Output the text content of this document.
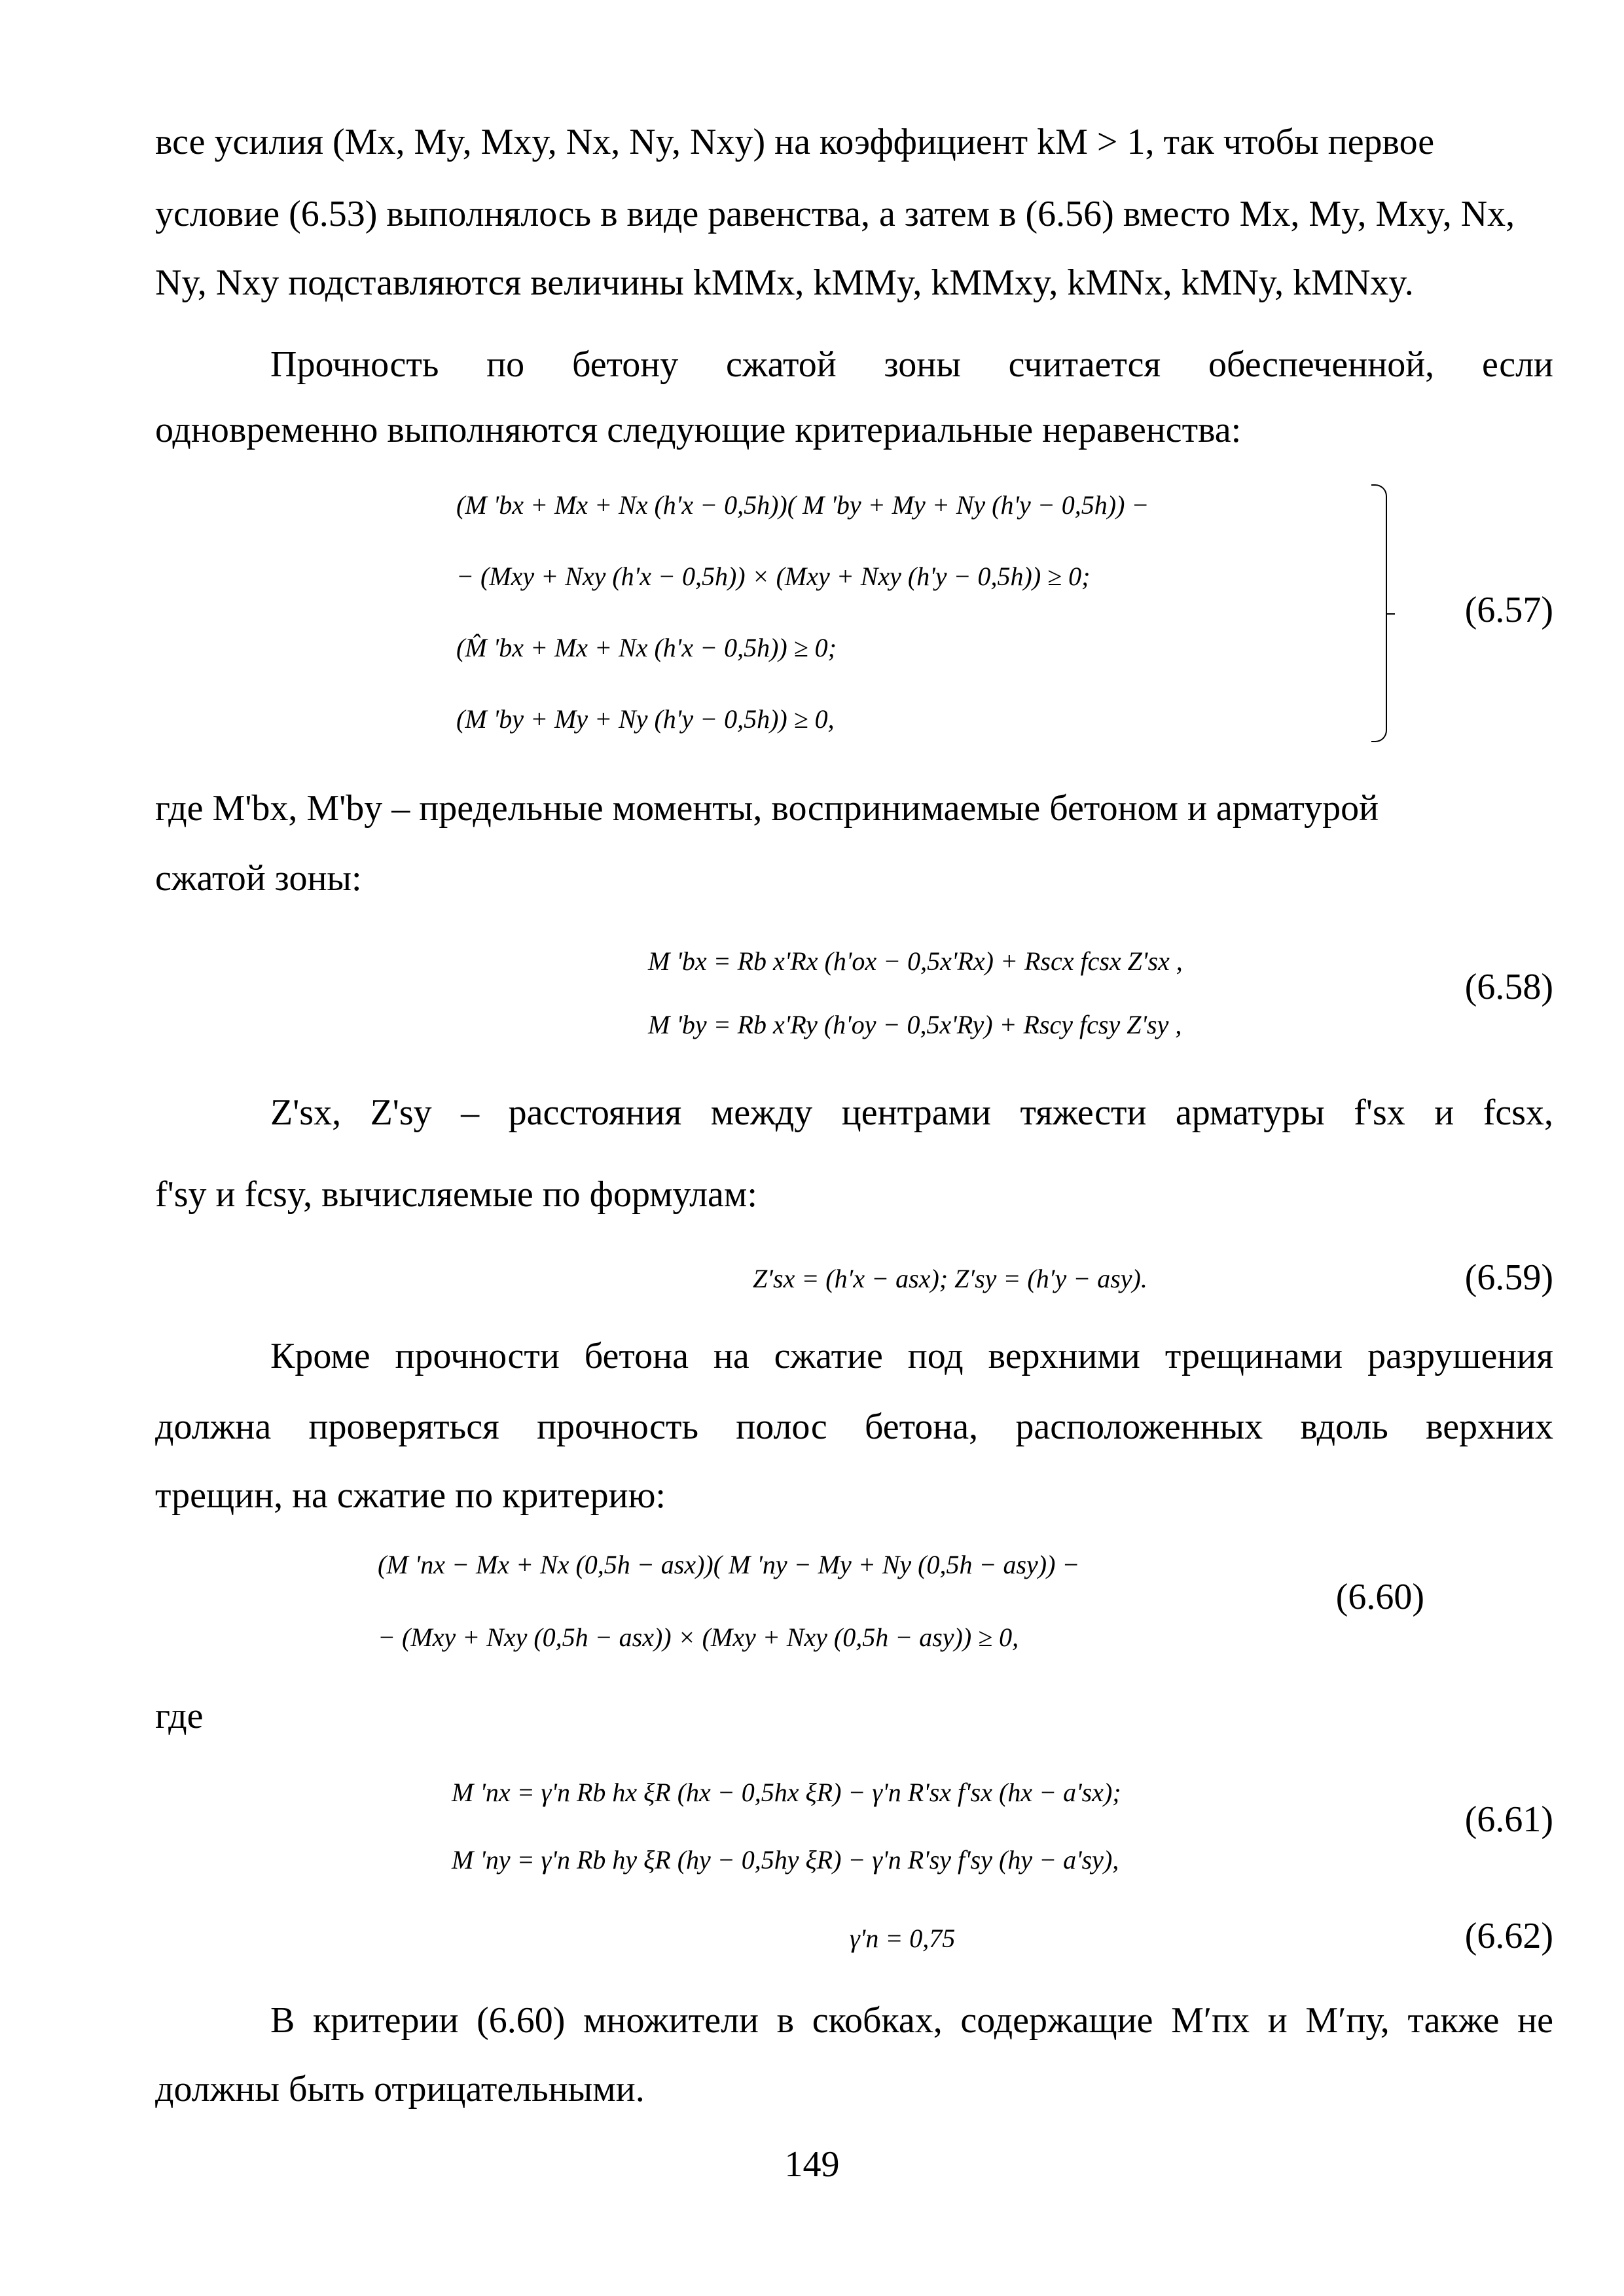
все усилия (Mx, My, Mxy, Nx, Ny, Nxy) на коэффициент kM > 1, так чтобы первое
условие (6.53) выполнялось в виде равенства, а затем в (6.56) вместо Mx, My, Mxy, Nx,
Ny, Nxy подставляются величины kMMx, kMMy, kMMxy, kMNx, kMNy, kMNxy.
Прочность по бетону сжатой зоны считается обеспеченной, если
одновременно выполняются следующие критериальные неравенства:
(M 'bx + Mx + Nx (h'x − 0,5h))( M 'by + My + Ny (h'y − 0,5h)) −
− (Mxy + Nxy (h'x − 0,5h)) × (Mxy + Nxy (h'y − 0,5h)) ≥ 0;
(M̂ 'bx + Mx + Nx (h'x − 0,5h)) ≥ 0;
(M 'by + My + Ny (h'y − 0,5h)) ≥ 0,
(6.57)
где M'bx, M'by – предельные моменты, воспринимаемые бетоном и арматурой
сжатой зоны:
M 'bx = Rb x'Rx (h'ox − 0,5x'Rx) + Rscx fcsx Z'sx ,
M 'by = Rb x'Ry (h'oy − 0,5x'Ry) + Rscy fcsy Z'sy ,
(6.58)
Z'sx, Z'sy – расстояния между центрами тяжести арматуры f'sx и fcsx,
f'sy и fcsy, вычисляемые по формулам:
Z′sx = (h′x − asx); Z′sy = (h′y − asy).	(6.59)
Кроме прочности бетона на сжатие под верхними трещинами разрушения
должна проверяться прочность полос бетона, расположенных вдоль верхних
трещин, на сжатие по критерию:
(M 'пх − Mx + Nx (0,5h − asx))( M 'пу − My + Ny (0,5h − asy)) −
− (Mxy + Nxy (0,5h − asx)) × (Mxy + Nxy (0,5h − asy)) ≥ 0,
(6.60)
где
M 'пх = γ'п Rb hx ξR (hx − 0,5hx ξR) − γ'п R'sx f'sx (hx − a'sx);
M 'пу = γ'п Rb hy ξR (hy − 0,5hy ξR) − γ'п R'sy f'sy (hy − a'sy),
(6.61)
γ'п = 0,75	(6.62)
В критерии (6.60) множители в скобках, содержащие M′пх и M′пу, также не
должны быть отрицательными.
149
